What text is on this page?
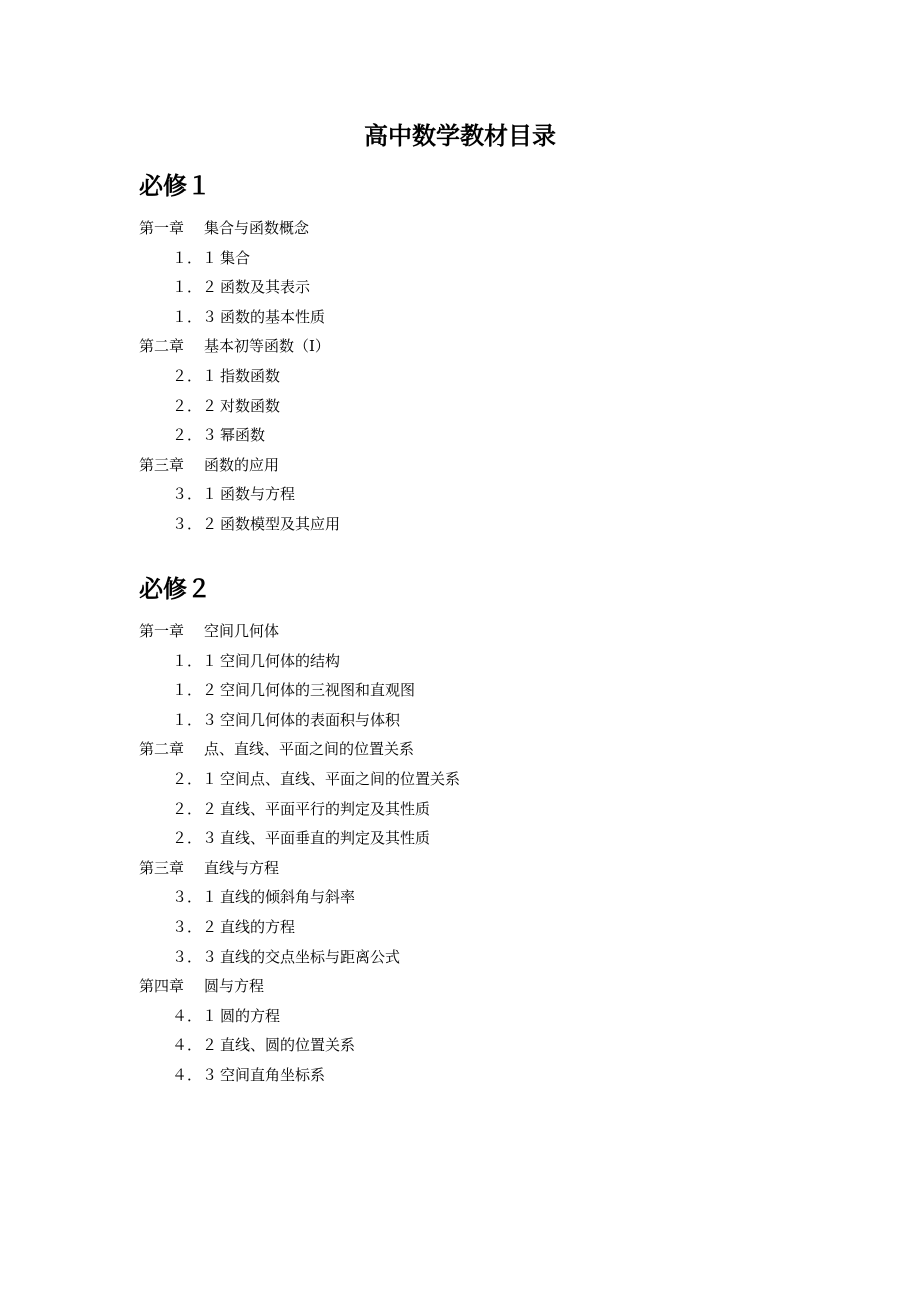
高中数学教材目录
必修１
第一章 集合与函数概念
１．１ 集合
１．２ 函数及其表示
１．３ 函数的基本性质
第二章 基本初等函数（Ⅰ）
２．１ 指数函数
２．２ 对数函数
２．３ 幂函数
第三章 函数的应用
３．１ 函数与方程
３．２ 函数模型及其应用
必修２
第一章 空间几何体
１．１ 空间几何体的结构
１．２ 空间几何体的三视图和直观图
１．３ 空间几何体的表面积与体积
第二章 点、直线、平面之间的位置关系
２．１ 空间点、直线、平面之间的位置关系
２．２ 直线、平面平行的判定及其性质
２．３ 直线、平面垂直的判定及其性质
第三章 直线与方程
３．１ 直线的倾斜角与斜率
３．２ 直线的方程
３．３ 直线的交点坐标与距离公式
第四章 圆与方程
４．１ 圆的方程
４．２ 直线、圆的位置关系
４．３ 空间直角坐标系
